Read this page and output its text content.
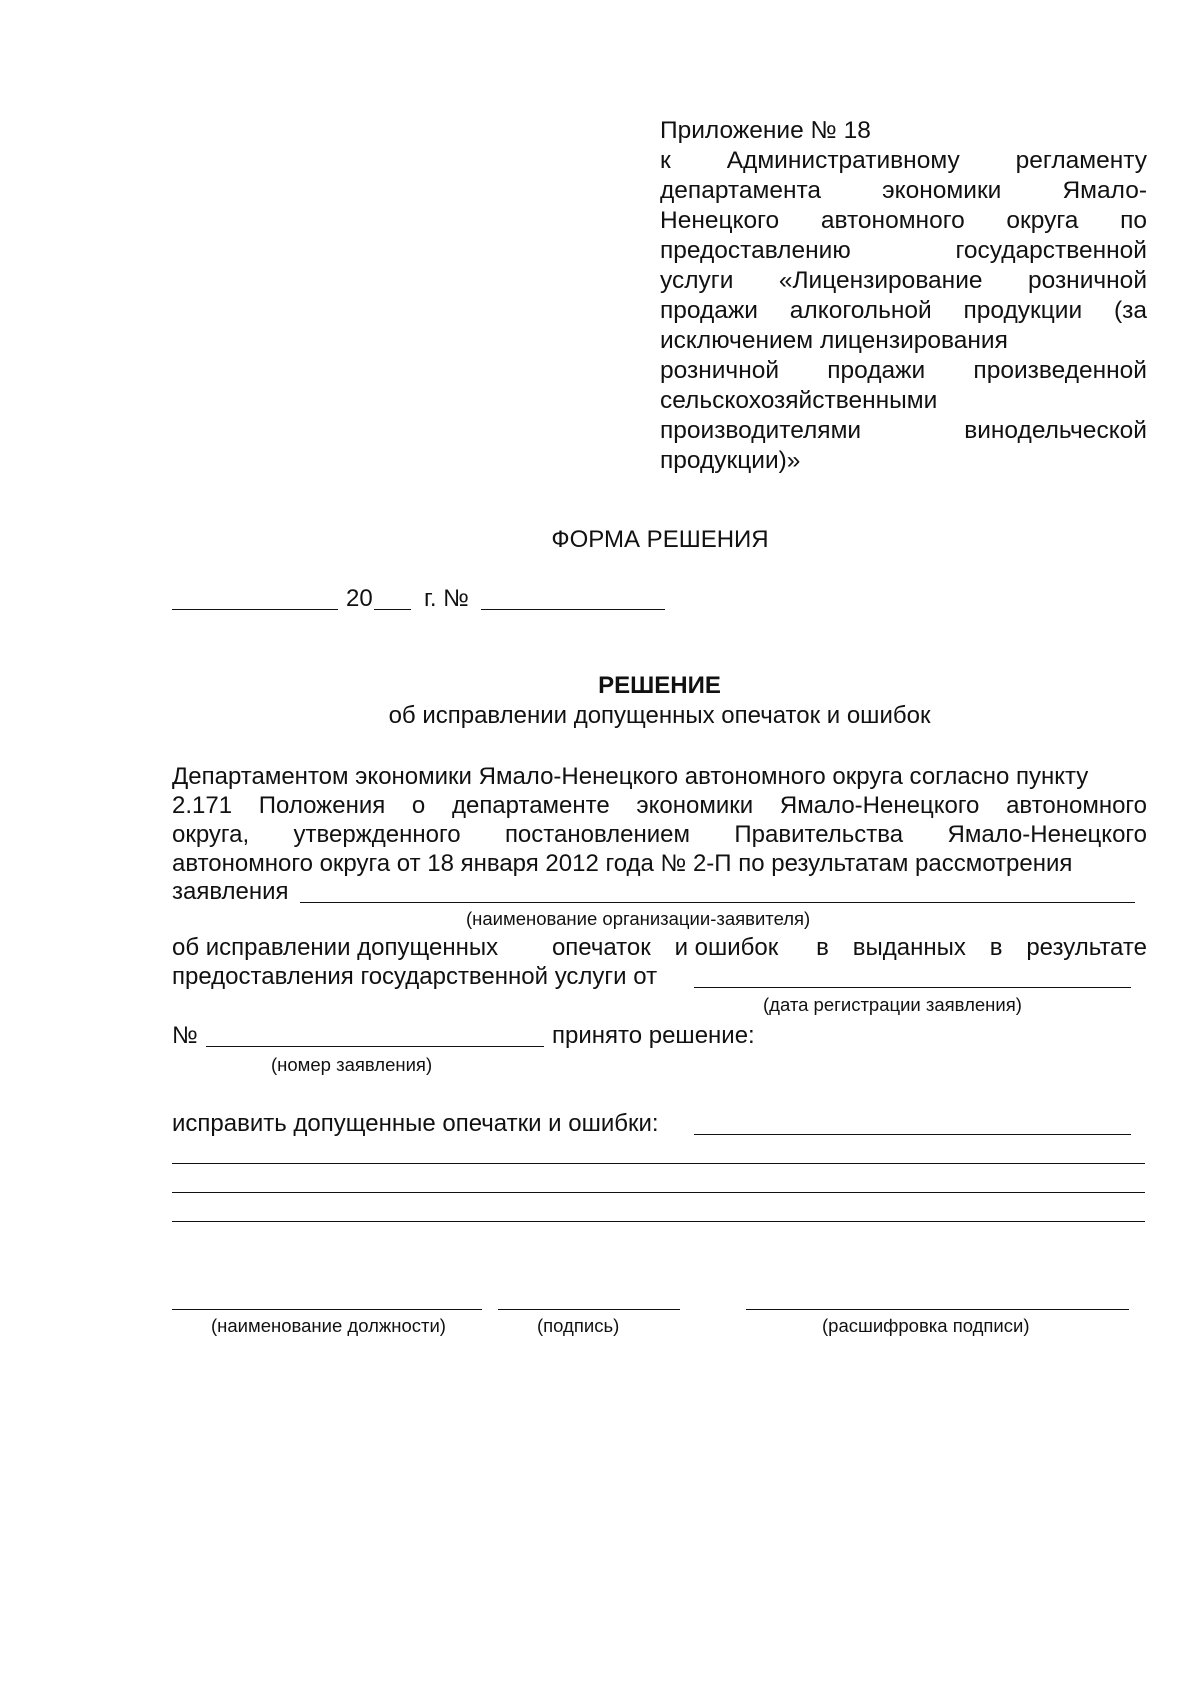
Приложение № 18
к Административному регламенту
департамента экономики Ямало-
Ненецкого автономного округа по
предоставлению государственной
услуги «Лицензирование розничной
продажи алкогольной продукции (за
исключением лицензирования
розничной продажи произведенной
сельскохозяйственными
производителями винодельческой
продукции)»
ФОРМА РЕШЕНИЯ
20 г. №
РЕШЕНИЕ
об исправлении допущенных опечаток и ошибок
Департаментом экономики Ямало-Ненецкого автономного округа согласно пункту
2.171 Положения о департаменте экономики Ямало-Ненецкого автономного
округа, утвержденного постановлением Правительства Ямало-Ненецкого
автономного округа от 18 января 2012 года № 2-П по результатам рассмотрения
заявления
(наименование организации-заявителя)
об исправлении допущенных опечаток и ошибок в выданных в результате
предоставления государственной услуги от
(дата регистрации заявления)
№	принято решение:
(номер заявления)
исправить допущенные опечатки и ошибки:
(наименование должности)	(подпись)	(расшифровка подписи)
